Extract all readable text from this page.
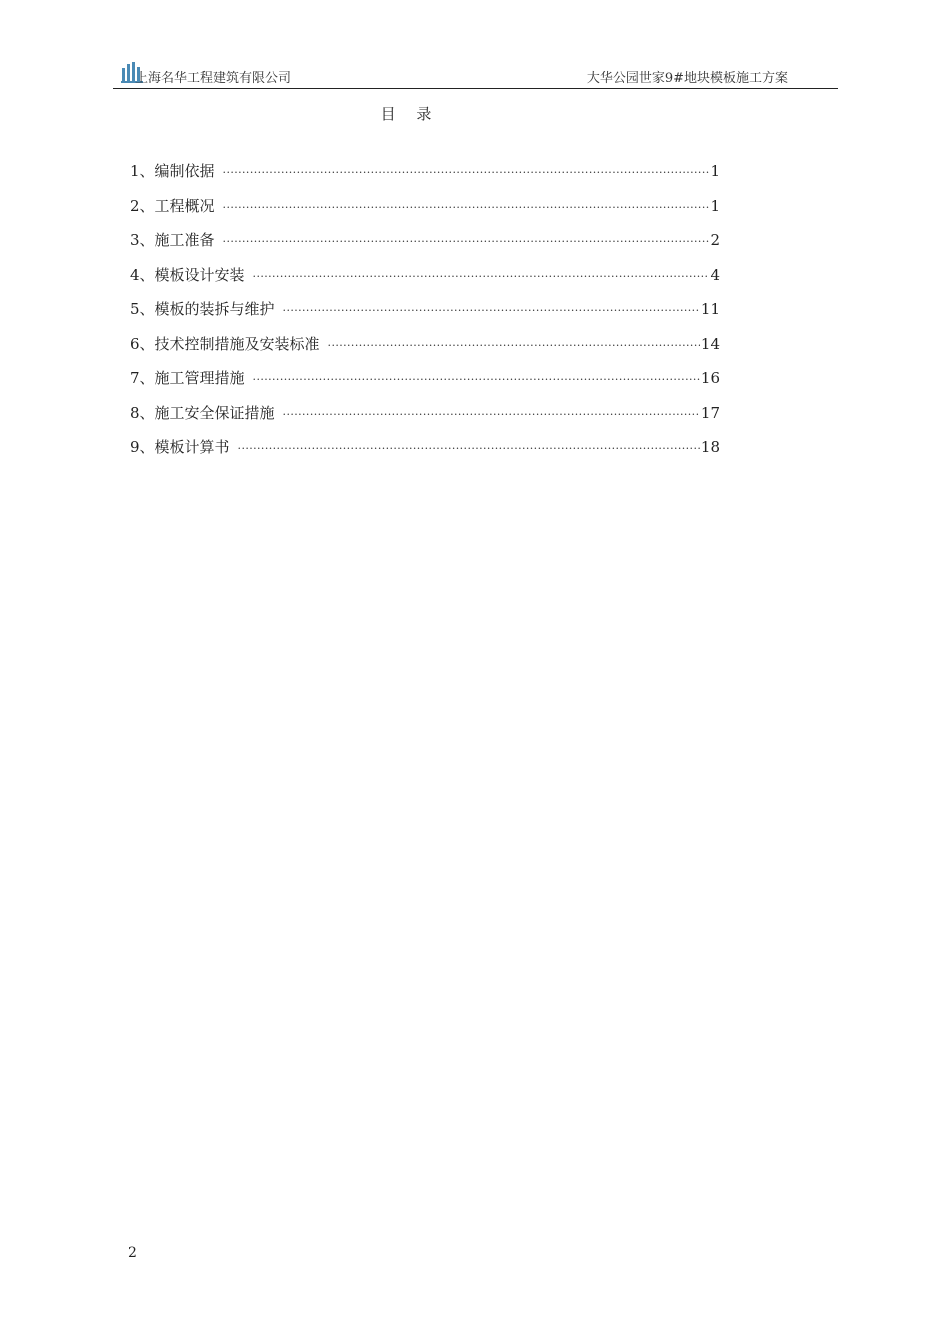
上海名华工程建筑有限公司	大华公园世家9#地块模板施工方案
目 录
1、编制依据 ·····	1
2、工程概况 ·····	1
3、施工准备 ·····	2
4、模板设计安装 ·····	4
5、模板的装拆与维护 ·····	11
6、技术控制措施及安装标准 ·····	14
7、施工管理措施 ·····	16
8、施工安全保证措施 ·····	17
9、模板计算书 ·····	18
2
